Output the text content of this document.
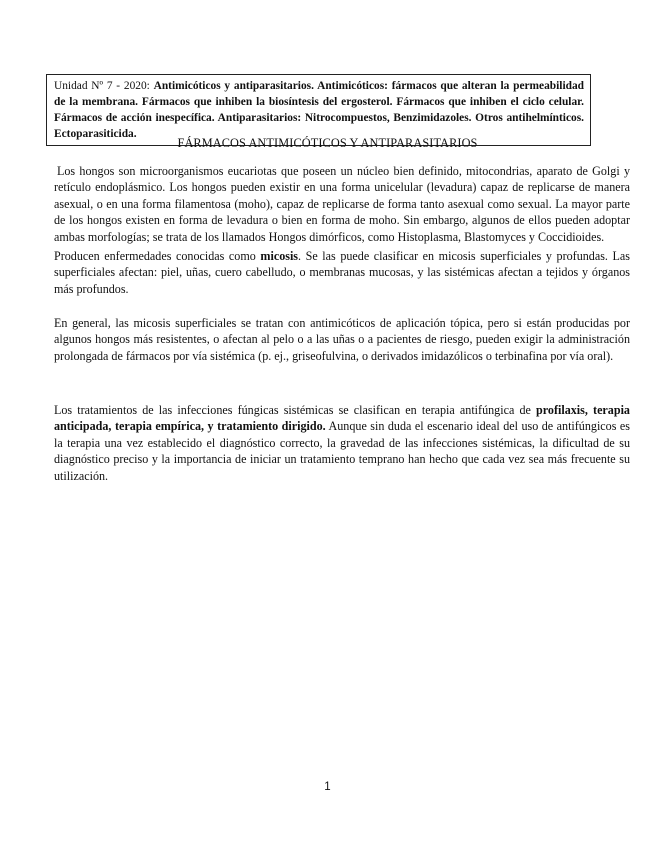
Unidad Nº 7 - 2020: Antimicóticos y antiparasitarios. Antimicóticos: fármacos que alteran la permeabilidad de la membrana. Fármacos que inhiben la biosíntesis del ergosterol. Fármacos que inhiben el ciclo celular. Fármacos de acción inespecífica. Antiparasitarios: Nitrocompuestos, Benzimidazoles. Otros antihelmínticos. Ectoparasiticida.
FÁRMACOS ANTIMICÓTICOS Y ANTIPARASITARIOS

Los hongos son microorganismos eucariotas que poseen un núcleo bien definido, mitocondrias, aparato de Golgi y retículo endoplásmico. Los hongos pueden existir en una forma unicelular (levadura) capaz de replicarse de manera asexual, o en una forma filamentosa (moho), capaz de replicarse de forma tanto asexual como sexual. La mayor parte de los hongos existen en forma de levadura o bien en forma de moho. Sin embargo, algunos de ellos pueden adoptar ambas morfologías; se trata de los llamados Hongos dimórficos, como Histoplasma, Blastomyces y Coccidioides.

Producen enfermedades conocidas como micosis. Se las puede clasificar en micosis superficiales y profundas. Las superficiales afectan: piel, uñas, cuero cabelludo, o membranas mucosas, y las sistémicas afectan a tejidos y órganos más profundos.

En general, las micosis superficiales se tratan con antimicóticos de aplicación tópica, pero si están producidas por algunos hongos más resistentes, o afectan al pelo o a las uñas o a pacientes de riesgo, pueden exigir la administración prolongada de fármacos por vía sistémica (p. ej., griseofulvina, o derivados imidazólicos o terbinafina por vía oral).

Los tratamientos de las infecciones fúngicas sistémicas se clasifican en terapia antifúngica de profilaxis, terapia anticipada, terapia empírica, y tratamiento dirigido. Aunque sin duda el escenario ideal del uso de antifúngicos es la terapia una vez establecido el diagnóstico correcto, la gravedad de las infecciones sistémicas, la dificultad de su diagnóstico preciso y la importancia de iniciar un tratamiento temprano han hecho que cada vez sea más frecuente su utilización.

1
